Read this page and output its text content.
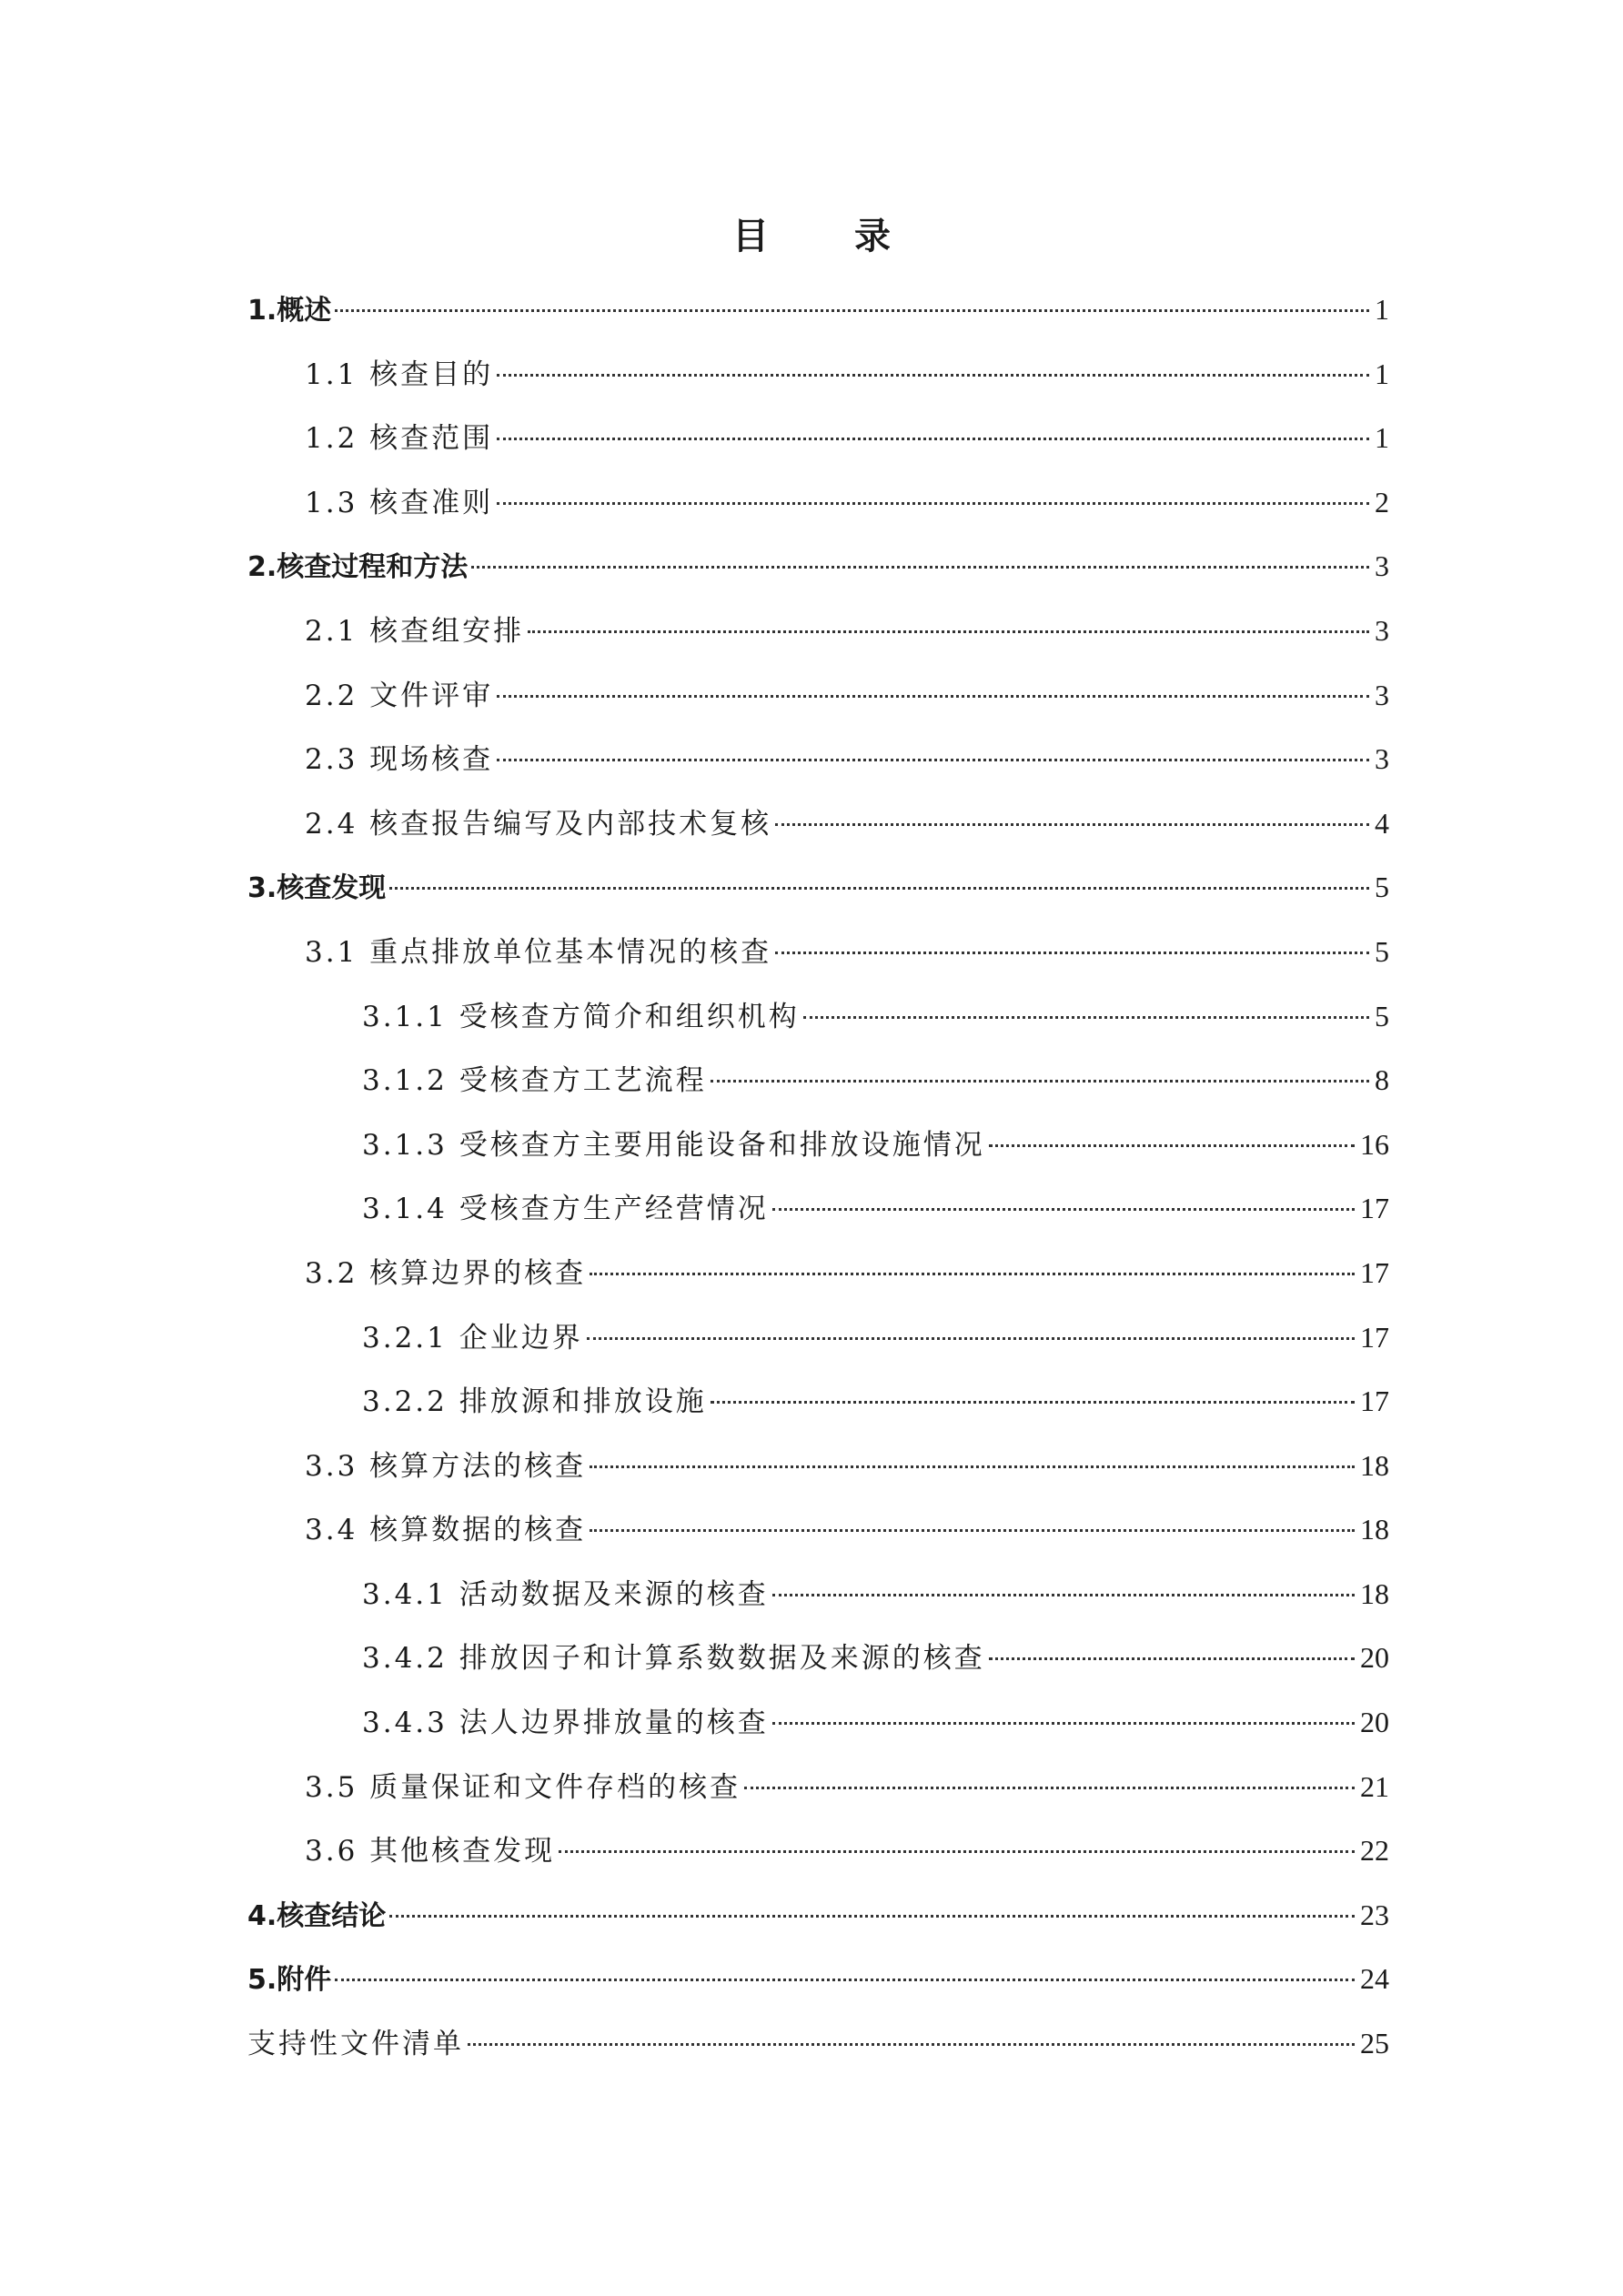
目 录
1.概述	1
1.1 核查目的	1
1.2 核查范围	1
1.3 核查准则	2
2.核查过程和方法	3
2.1 核查组安排	3
2.2 文件评审	3
2.3 现场核查	3
2.4 核查报告编写及内部技术复核	4
3.核查发现	5
3.1 重点排放单位基本情况的核查	5
3.1.1 受核查方简介和组织机构	5
3.1.2 受核查方工艺流程	8
3.1.3 受核查方主要用能设备和排放设施情况	16
3.1.4 受核查方生产经营情况	17
3.2 核算边界的核查	17
3.2.1 企业边界	17
3.2.2 排放源和排放设施	17
3.3 核算方法的核查	18
3.4 核算数据的核查	18
3.4.1 活动数据及来源的核查	18
3.4.2 排放因子和计算系数数据及来源的核查	20
3.4.3 法人边界排放量的核查	20
3.5 质量保证和文件存档的核查	21
3.6 其他核查发现	22
4.核查结论	23
5.附件	24
支持性文件清单	25
